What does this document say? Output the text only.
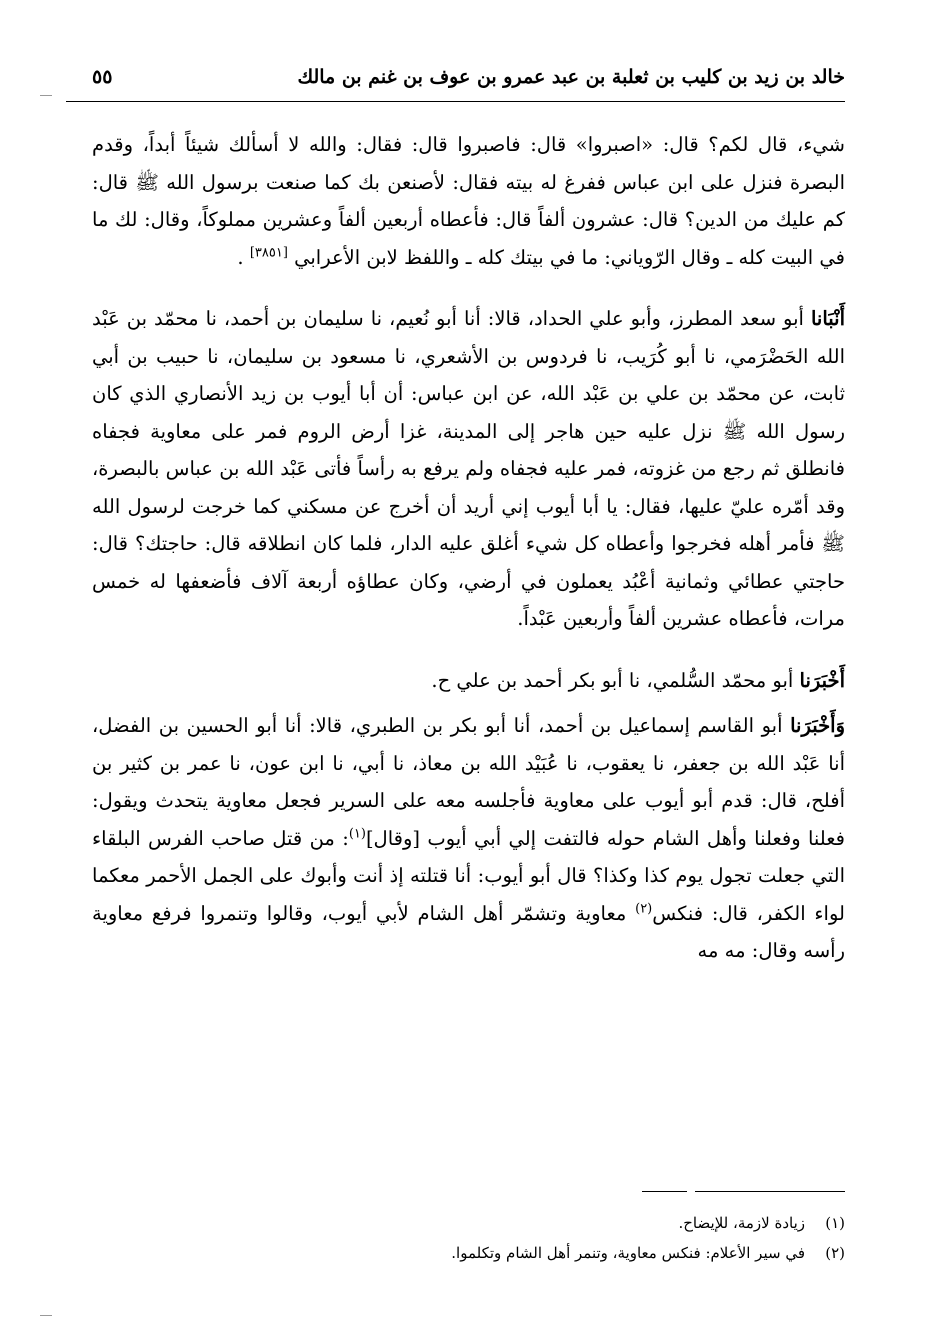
خالد بن زيد بن كليب بن ثعلبة بن عبد عمرو بن عوف بن غنم بن مالك
٥٥

شيء، قال لكم؟ قال: «اصبروا» قال: فاصبروا قال: فقال: والله لا أسألك شيئاً أبداً، وقدم البصرة فنزل على ابن عباس ففرغ له بيته فقال: لأصنعن بك كما صنعت برسول الله ﷺ قال: كم عليك من الدين؟ قال: عشرون ألفاً قال: فأعطاه أربعين ألفاً وعشرين مملوكاً، وقال: لك ما في البيت كله ـ وقال الرّوياني: ما في بيتك كله ـ واللفظ لابن الأعرابي [٣٨٥١] .

أَنْبَانا أبو سعد المطرز، وأبو علي الحداد، قالا: أنا أبو نُعيم، نا سليمان بن أحمد، نا محمّد بن عَبْد الله الحَضْرَمي، نا أبو كُرَيب، نا فردوس بن الأشعري، نا مسعود بن سليمان، نا حبيب بن أبي ثابت، عن محمّد بن علي بن عَبْد الله، عن ابن عباس: أن أبا أيوب بن زيد الأنصاري الذي كان رسول الله ﷺ نزل عليه حين هاجر إلى المدينة، غزا أرض الروم فمر على معاوية فجفاه فانطلق ثم رجع من غزوته، فمر عليه فجفاه ولم يرفع به رأساً فأتى عَبْد الله بن عباس بالبصرة، وقد أمّره عليّ عليها، فقال: يا أبا أيوب إني أريد أن أخرج عن مسكني كما خرجت لرسول الله ﷺ فأمر أهله فخرجوا وأعطاه كل شيء أغلق عليه الدار، فلما كان انطلاقه قال: حاجتك؟ قال: حاجتي عطائي وثمانية أعْبُد يعملون في أرضي، وكان عطاؤه أربعة آلاف فأضعفها له خمس مرات، فأعطاه عشرين ألفاً وأربعين عَبْداً.

أَخْبَرَنا أبو محمّد السُّلمي، نا أبو بكر أحمد بن علي ح.

وَأَخْبَرَنا أبو القاسم إسماعيل بن أحمد، أنا أبو بكر بن الطبري، قالا: أنا أبو الحسين بن الفضل، أنا عَبْد الله بن جعفر، نا يعقوب، نا عُبَيْد الله بن معاذ، نا أبي، نا ابن عون، نا عمر بن كثير بن أفلح، قال: قدم أبو أيوب على معاوية فأجلسه معه على السرير فجعل معاوية يتحدث ويقول: فعلنا وفعلنا وأهل الشام حوله فالتفت إلي أبي أيوب [وقال]$^{(١)}$: من قتل صاحب الفرس البلقاء التي جعلت تجول يوم كذا وكذا؟ قال أبو أيوب: أنا قتلته إذ أنت وأبوك على الجمل الأحمر معكما لواء الكفر، قال: فنكس$^{(٢)}$ معاوية وتشمّر أهل الشام لأبي أيوب، وقالوا وتنمروا فرفع معاوية رأسه وقال: مه مه

(١)
زيادة لازمة، للإيضاح.
(٢)
في سير الأعلام: فنكس معاوية، وتنمر أهل الشام وتكلموا.
